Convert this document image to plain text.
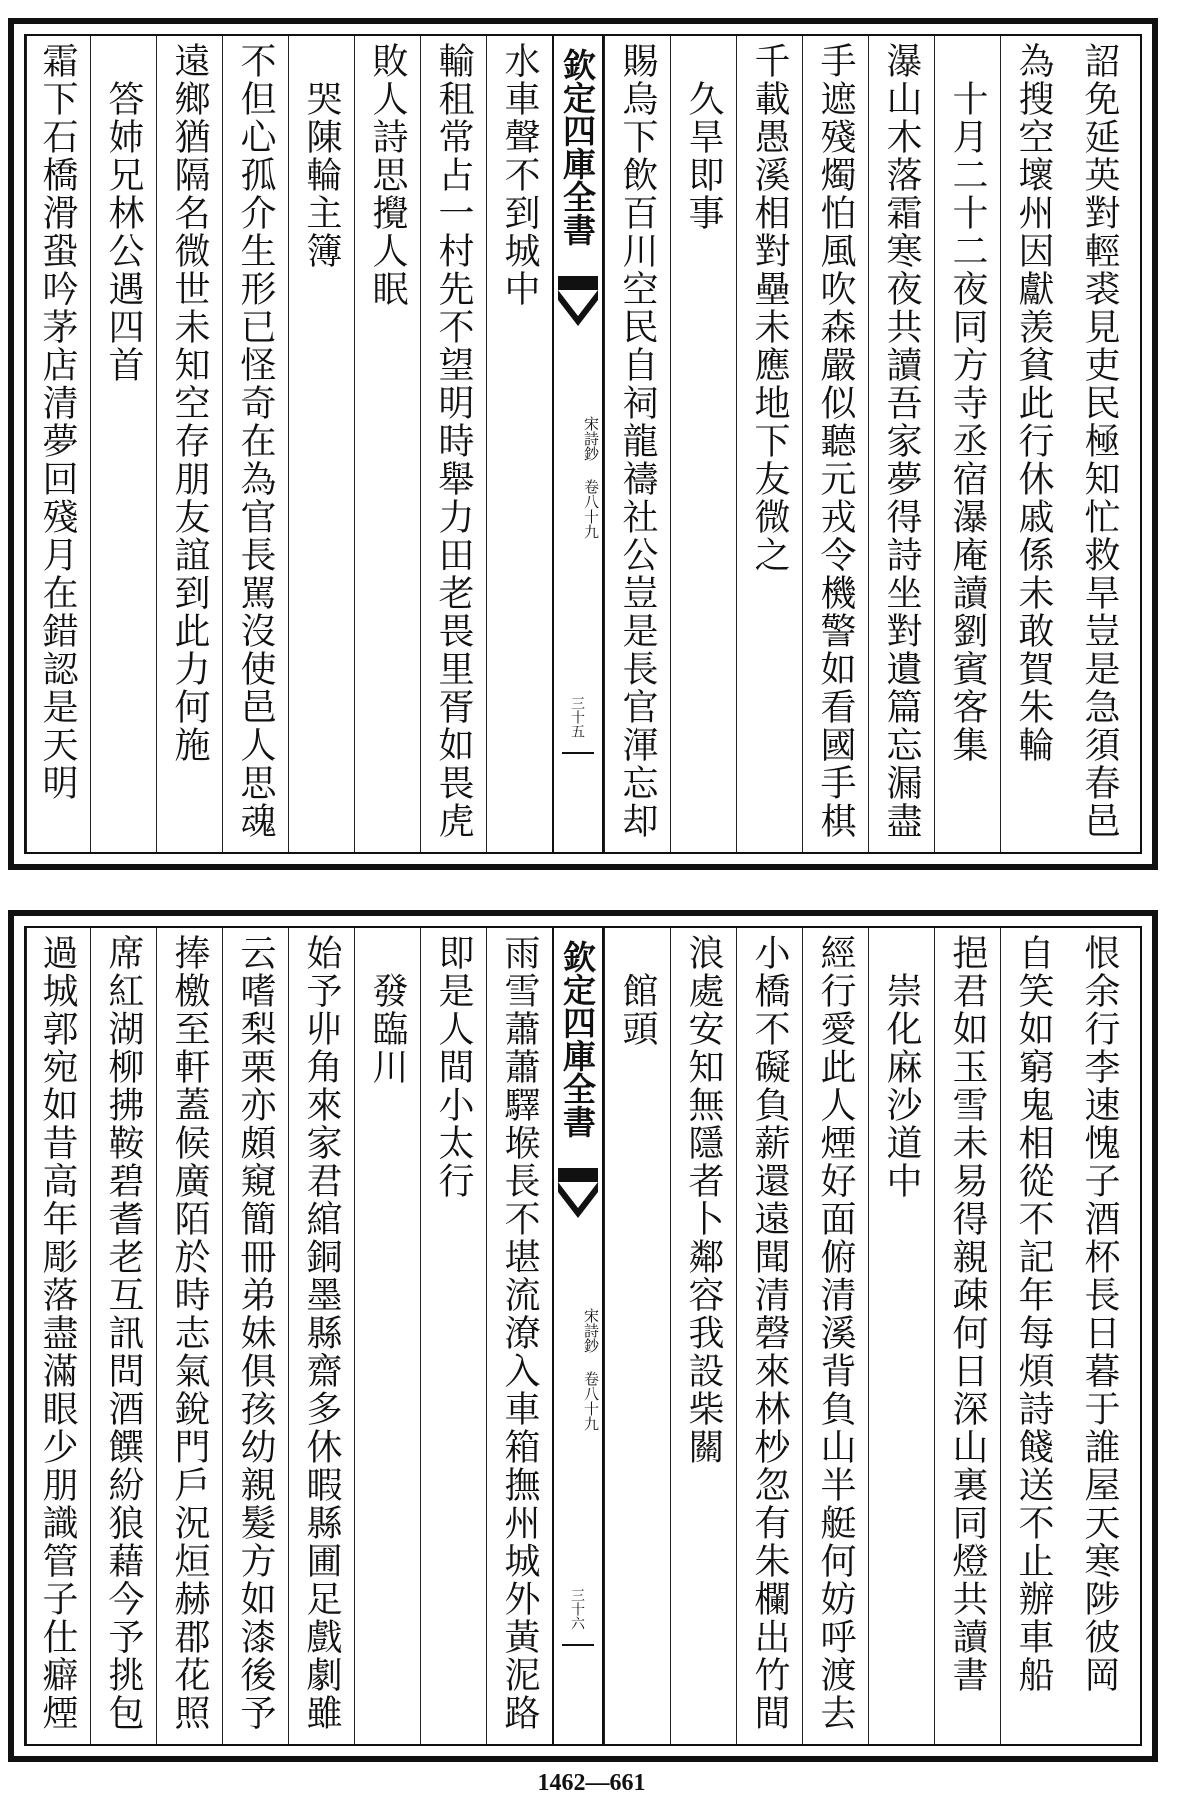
詔免延英對輕裘見吏民極知忙救旱豈是急須春邑
為搜空壞州因獻羡貧此行休戚係未敢賀朱輪
　十月二十二夜同方寺丞宿瀑庵讀劉賓客集
瀑山木落霜寒夜共讀吾家夢得詩坐對遺篇忘漏盡
手遮殘燭怕風吹森嚴似聽元戎令機警如看國手棋
千載愚溪相對壘未應地下友微之
　久旱即事
賜烏下飲百川空民自祠龍禱社公豈是長官渾忘却
欽定四庫全書
宋詩鈔 卷八十九
三十五
水車聲不到城中
輸租常占一村先不望明時舉力田老畏里胥如畏虎
敗人詩思攪人眠
　哭陳輪主簿
不但心孤介生形已怪奇在為官長駡沒使邑人思魂
遠鄉猶隔名微世未知空存朋友誼到此力何施
　答姉兄林公遇四首
霜下石橋滑蛩吟茅店清夢回殘月在錯認是天明
恨余行李速愧子酒杯長日暮于誰屋天寒陟彼岡
自笑如窮鬼相從不記年每煩詩餞送不止辦車船
挹君如玉雪未易得親疎何日深山裏同燈共讀書
　崇化麻沙道中
經行愛此人煙好面俯清溪背負山半艇何妨呼渡去
小橋不礙負薪還遠聞清磬來林杪忽有朱欄出竹間
浪處安知無隱者卜鄰容我設柴關
　館頭
欽定四庫全書
宋詩鈔 卷八十九
三十六
雨雪蕭蕭驛堠長不堪流潦入車箱撫州城外黃泥路
即是人間小太行
　發臨川
始予丱角來家君綰銅墨縣齋多休暇縣圃足戲劇雖
云嗜梨栗亦頗窺簡冊弟妹俱孩幼親髮方如漆後予
捧檄至軒蓋候廣陌於時志氣銳門戶況烜赫郡花照
席紅湖柳拂鞍碧耆老互訊問酒饌紛狼藉今予挑包
過城郭宛如昔高年彫落盡滿眼少朋識管子仕癖煙
1462—661
